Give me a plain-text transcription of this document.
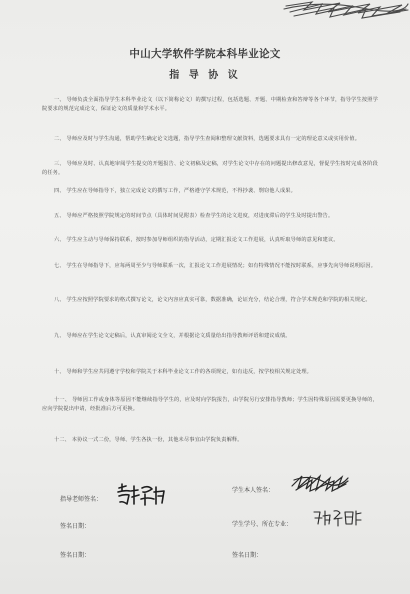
中山大学软件学院本科毕业论文
指 导 协 议
一、 导师负责全面指导学生本科毕业论文（以下简称论文）的撰写过程，包括选题、开题、中期检查和答辩等各个环节，指导学生按照学院要求的规范完成论文，保证论文的质量和学术水平。
二、 导师应及时与学生沟通，帮助学生确定论文选题，指导学生查阅和整理文献资料，选题要求具有一定的理论意义或实用价值。
三、 导师应及时、认真地审阅学生提交的开题报告、论文初稿及定稿，对学生论文中存在的问题提出修改意见，督促学生按时完成各阶段的任务。
四、 学生应在导师指导下，独立完成论文的撰写工作，严格遵守学术规范，不得抄袭、剽窃他人成果。
五、 导师应严格按照学院规定的时间节点（具体时间见附表）检查学生的论文进度，对进度滞后的学生及时提出警告。
六、 学生应主动与导师保持联系，按时参加导师组织的指导活动，定期汇报论文工作进展，认真听取导师的意见和建议。
七、 学生在导师指导下，应每两周至少与导师联系一次，汇报论文工作进展情况；如有特殊情况不能按时联系，应事先向导师说明原因。
八、 学生应按照学院要求的格式撰写论文，论文内容应真实可靠，数据准确，论证充分，结论合理，符合学术规范和学院的相关规定。
九、 导师应在学生论文定稿后，认真审阅论文全文，并根据论文质量给出指导教师评语和建议成绩。
十、 导师和学生应共同遵守学校和学院关于本科毕业论文工作的各项规定，如有违反，按学校相关规定处理。
十一、 导师因工作或身体等原因不能继续指导学生的，应及时向学院报告，由学院另行安排指导教师；学生因特殊原因需要更换导师的，应向学院提出申请，经批准后方可更换。
十二、 本协议一式二份，导师、学生各执一份，其他未尽事宜由学院负责解释。
指导老师签名：
签名日期：
学生本人签名：
学生学号、所在专业：
签名日期：
签名日期：
